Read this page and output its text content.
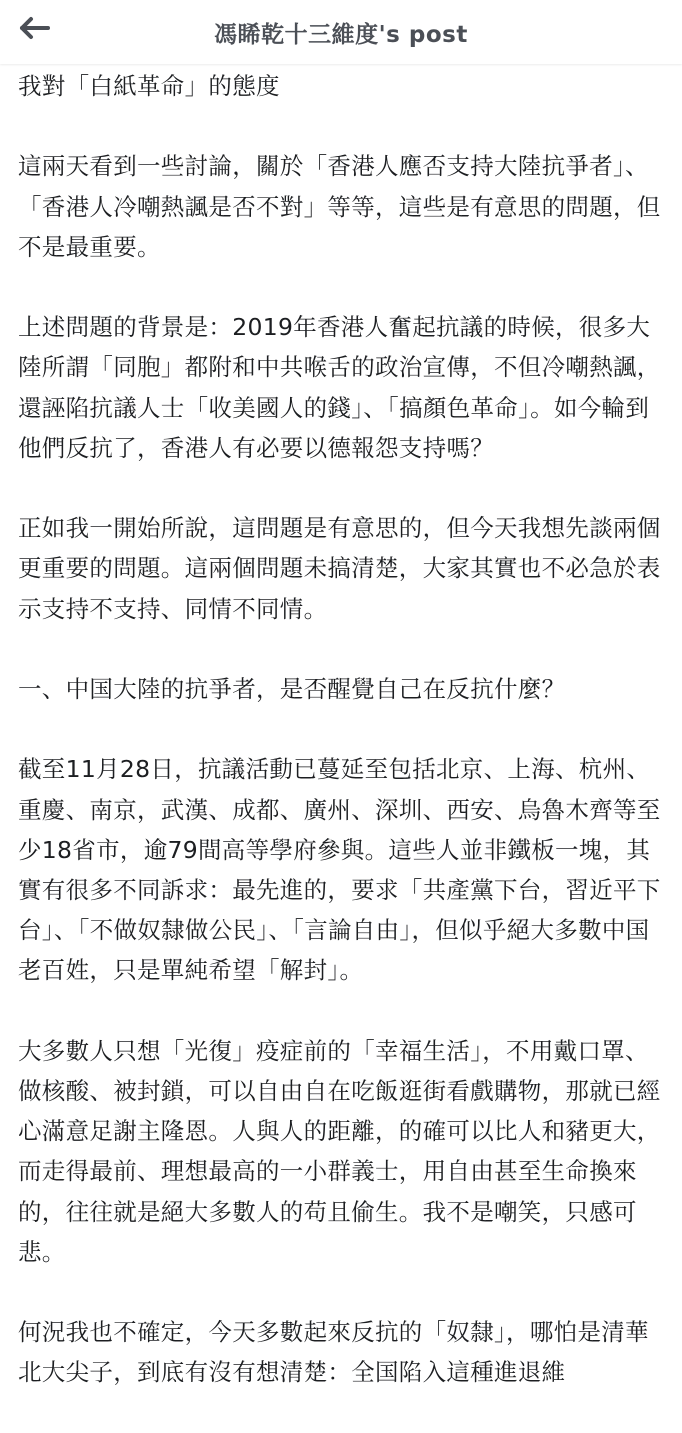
馮睎乾十三維度's post

我對「白紙革命」的態度

這兩天看到一些討論，關於「香港人應否支持大陸抗爭者」、「香港人冷嘲熱諷是否不對」等等，這些是有意思的問題，但不是最重要。

上述問題的背景是：2019年香港人奮起抗議的時候，很多大陸所謂「同胞」都附和中共喉舌的政治宣傳，不但冷嘲熱諷，還誣陷抗議人士「收美國人的錢」、「搞顏色革命」。如今輪到他們反抗了，香港人有必要以德報怨支持嗎？

正如我一開始所說，這問題是有意思的，但今天我想先談兩個更重要的問題。這兩個問題未搞清楚，大家其實也不必急於表示支持不支持、同情不同情。

一、中国大陸的抗爭者，是否醒覺自己在反抗什麼？

截至11月28日，抗議活動已蔓延至包括北京、上海、杭州、重慶、南京，武漢、成都、廣州、深圳、西安、烏魯木齊等至少18省市，逾79間高等學府參與。這些人並非鐵板一塊，其實有很多不同訴求：最先進的，要求「共產黨下台，習近平下台」、「不做奴隸做公民」、「言論自由」，但似乎絕大多數中国老百姓，只是單純希望「解封」。

大多數人只想「光復」疫症前的「幸福生活」，不用戴口罩、做核酸、被封鎖，可以自由自在吃飯逛街看戲購物，那就已經心滿意足謝主隆恩。人與人的距離，的確可以比人和豬更大，而走得最前、理想最高的一小群義士，用自由甚至生命換來的，往往就是絕大多數人的苟且偷生。我不是嘲笑，只感可悲。

何況我也不確定，今天多數起來反抗的「奴隸」，哪怕是清華北大尖子，到底有沒有想清楚：全国陷入這種進退維
